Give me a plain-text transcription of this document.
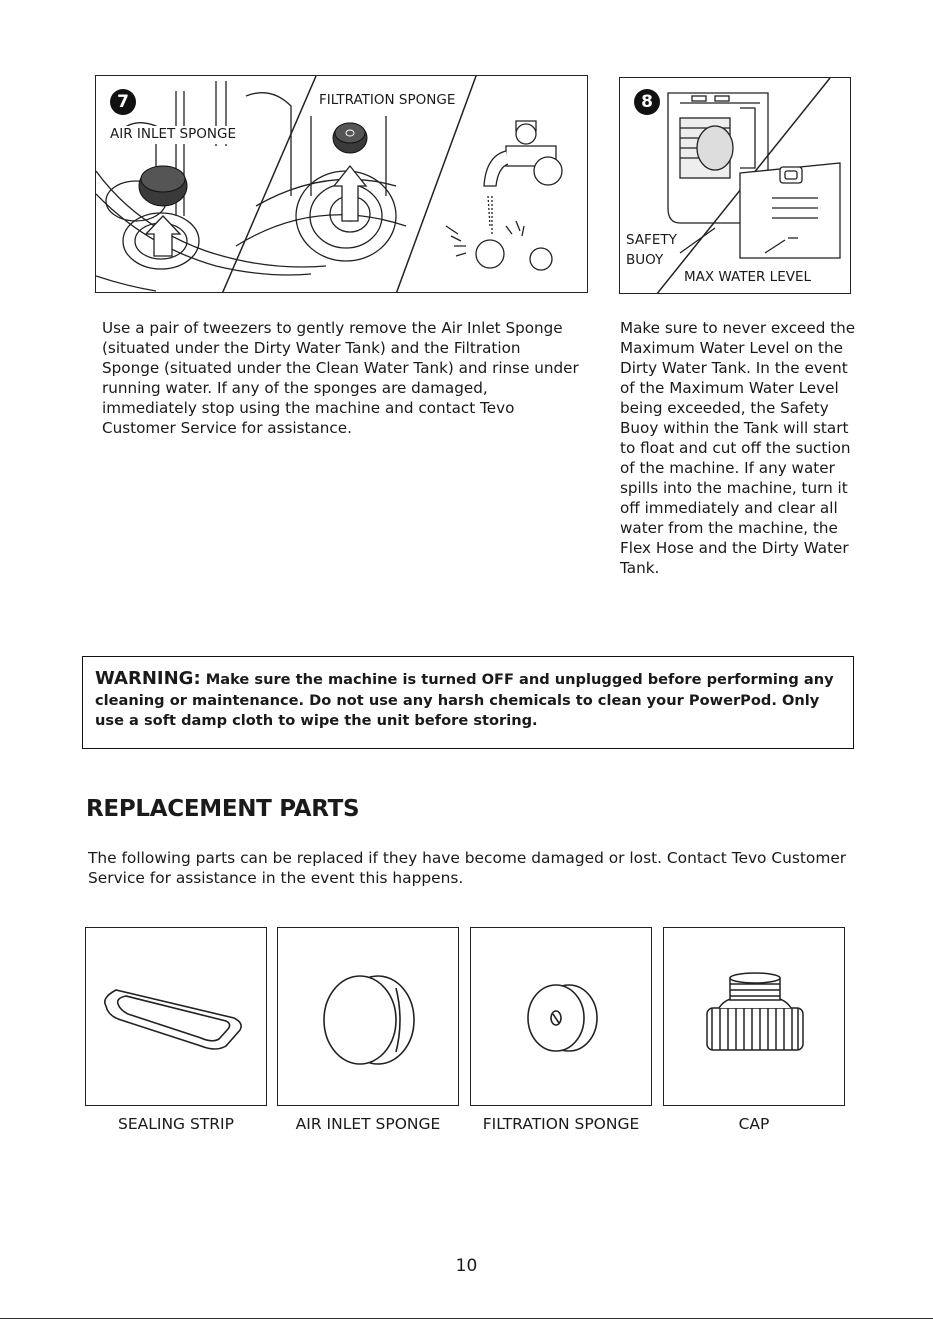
7
AIR INLET SPONGE
FILTRATION SPONGE	8
SAFETY
BUOY
MAX WATER LEVEL

Use a pair of tweezers to gently remove the Air Inlet Sponge (situated under the Dirty Water Tank) and the Filtration Sponge (situated under the Clean Water Tank) and rinse under running water. If any of the sponges are damaged, immediately stop using the machine and contact Tevo Customer Service for assistance.

Make sure to never exceed the Maximum Water Level on the Dirty Water Tank. In the event of the Maximum Water Level being exceeded, the Safety Buoy within the Tank will start to float and cut off the suction of the machine. If any water spills into the machine, turn it off immediately and clear all water from the machine, the Flex Hose and the Dirty Water Tank.

WARNING: Make sure the machine is turned OFF and unplugged before performing any cleaning or maintenance. Do not use any harsh chemicals to clean your PowerPod. Only use a soft damp cloth to wipe the unit before storing.
REPLACEMENT PARTS

The following parts can be replaced if they have become damaged or lost. Contact Tevo Customer Service for assistance in the event this happens.

SEALING STRIP	AIR INLET SPONGE	FILTRATION SPONGE	CAP
10
